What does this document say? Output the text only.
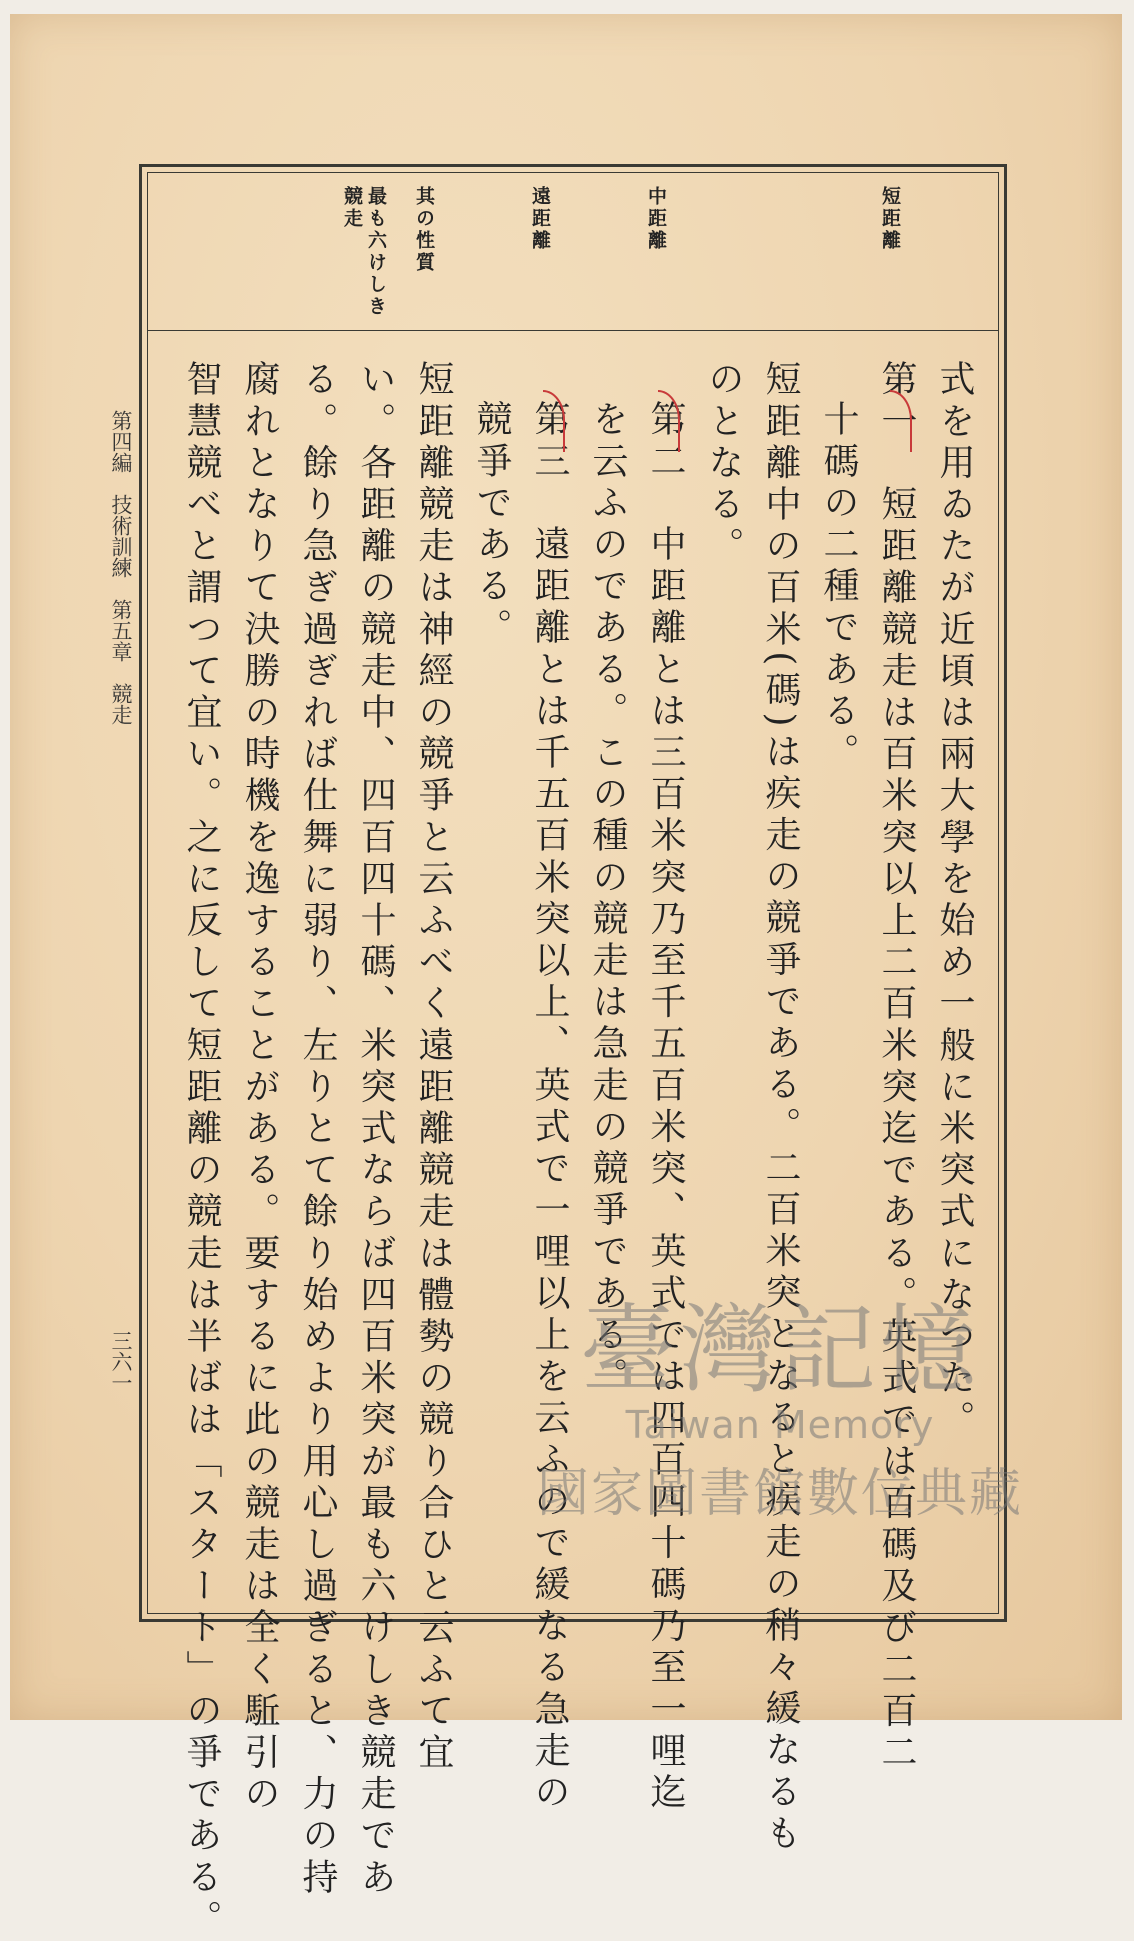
短距離

中距離

遠距離

其の性質

最も六けしき

競走

式を用ゐたが近頃は兩大學を始め一般に米突式になつた。

第一　短距離競走は百米突以上二百米突迄である。英式では百碼及び二百二

十碼の二種である。

短距離中の百米(碼)は疾走の競爭である。二百米突となると疾走の稍々緩なるも

のとなる。

第二　中距離とは三百米突乃至千五百米突、英式では四百四十碼乃至一哩迄

を云ふのである。この種の競走は急走の競爭である。

第三　遠距離とは千五百米突以上、英式で一哩以上を云ふので緩なる急走の

競爭である。

短距離競走は神經の競爭と云ふべく遠距離競走は體勢の競り合ひと云ふて宜

い。各距離の競走中、四百四十碼、米突式ならば四百米突が最も六けしき競走であ

る。餘り急ぎ過ぎれば仕舞に弱り、左りとて餘り始めより用心し過ぎると、力の持

腐れとなりて決勝の時機を逸することがある。要するに此の競走は全く駈引の

智慧競べと謂つて宜い。之に反して短距離の競走は半ばは「スタート」の爭である。

第四編　技術訓練　第五章　競走

三六一	臺灣記憶
Taiwan Memory
國家圖書館數位典藏
